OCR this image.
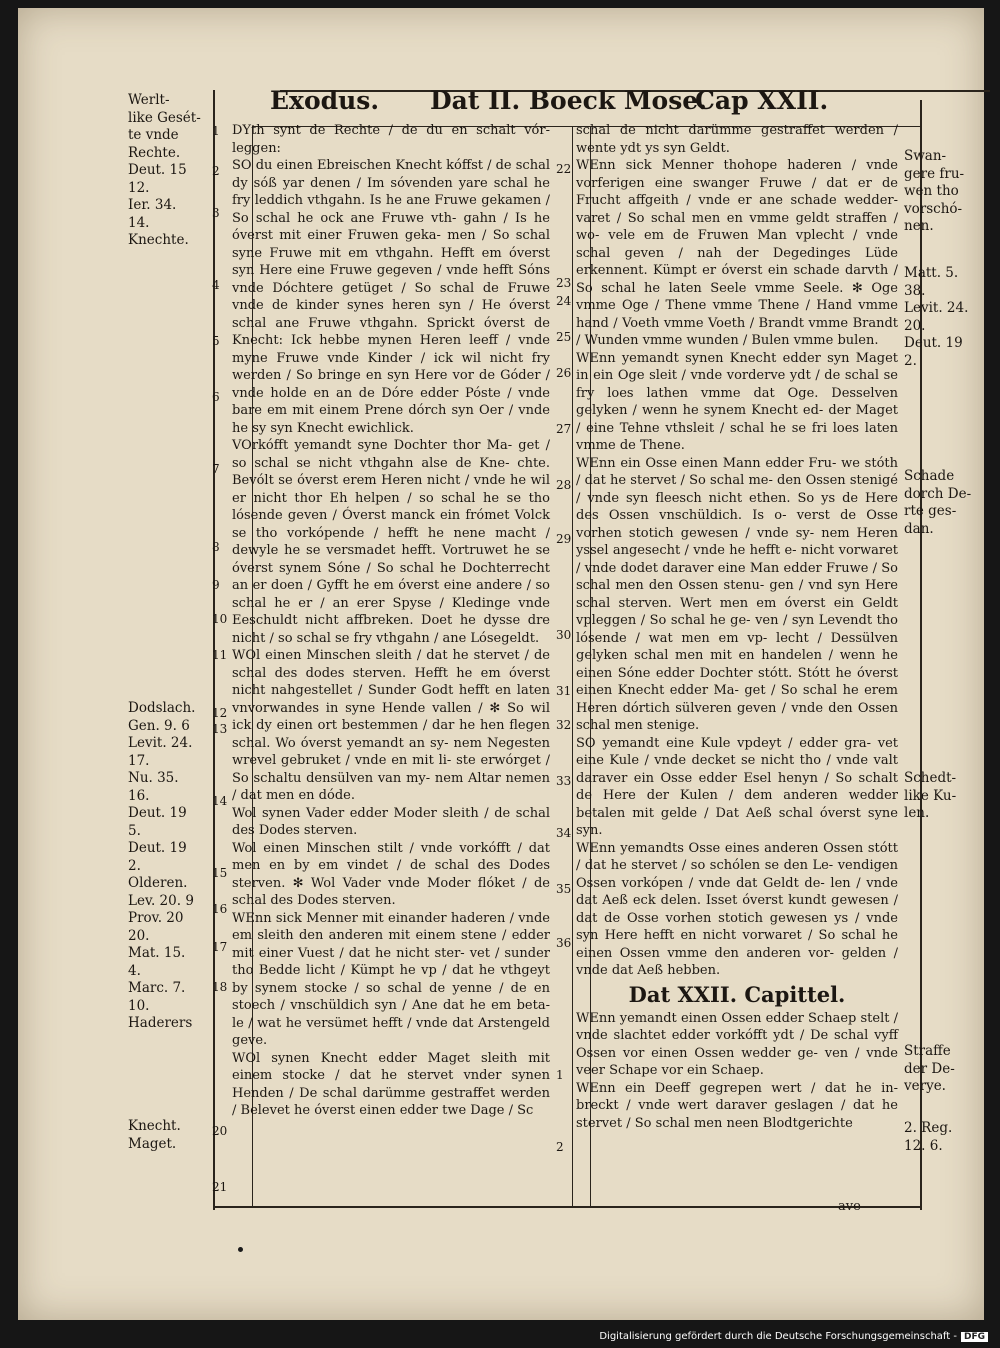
Exodus. Dat II. Boeck Mose.
Cap XXII.
Werlt-
like Gesét-
te vnde
Rechte.
Deut. 15
12.
Ier. 34.
14.
Knechte.
Dodslach.
Gen. 9. 6
Levit. 24.
17.
Nu. 35.
16.
Deut. 19
5.
Deut. 19
2.
Olderen.
Lev. 20. 9
Prov. 20
20.
Mat. 15.
4.
Marc. 7.
10.
Haderers
Knecht.
Maget.
Swan-
gere fru-
wen tho
vorschó-
nen.
Matt. 5.
38.
Levit. 24.
20.
Deut. 19
2.
Schade
dorch De-
rte ges-
dan.
Schedt-
like Ku-
len.
Straffe
der De-
verye.
2. Reg.
12. 6.
1
2
3
4
5
6
7
8
9
10
11
12
13
14
15
16
17
18
20
21
22
23
24
25
26
27
28
29
30
31
32
33
34
35
36
1
2

DYth synt de Rechte / de du en schalt vór- leggen:

SO du einen Ebreischen Knecht kóffst / de schal dy sóß yar denen / Im sóvenden yare schal he fry leddich vthgahn. Is he ane Fruwe gekamen / So schal he ock ane Fruwe vth- gahn / Is he óverst mit einer Fruwen geka- men / So schal syne Fruwe mit em vthgahn. Hefft em óverst syn Here eine Fruwe gegeven / vnde hefft Sóns vnde Dóchtere getüget / So schal de Fruwe vnde de kinder synes heren syn / He óverst schal ane Fruwe vthgahn. Sprickt óverst de Knecht: Ick hebbe mynen Heren leeff / vnde myne Fruwe vnde Kinder / ick wil nicht fry werden / So bringe en syn Here vor de Góder / vnde holde en an de Dóre edder Póste / vnde bare em mit einem Prene dórch syn Oer / vnde he sy syn Knecht ewichlick.

VOrkófft yemandt syne Dochter thor Ma- get / so schal se nicht vthgahn alse de Kne- chte. Bevólt se óverst erem Heren nicht / vnde he wil er nicht thor Eh helpen / so schal he se tho lósende geven / Óverst manck ein frómet Volck se tho vorkópende / hefft he nene macht / dewyle he se versmadet hefft. Vortruwet he se óverst synem Sóne / So schal he Dochterrecht an er doen / Gyfft he em óverst eine andere / so schal he er / an erer Spyse / Kledinge vnde Eeschuldt nicht affbreken. Doet he dysse dre nicht / so schal se fry vthgahn / ane Lósegeldt.

WOl einen Minschen sleith / dat he stervet / de schal des dodes sterven. Hefft he em óverst nicht nahgestellet / Sunder Godt hefft en laten vnvorwandes in syne Hende vallen / ✻ So wil ick dy einen ort bestemmen / dar he hen flegen schal. Wo óverst yemandt an sy- nem Negesten wrevel gebruket / vnde en mit li- ste erwórget / So schaltu densülven van my- nem Altar nemen / dat men en dóde.

Wol synen Vader edder Moder sleith / de schal des Dodes sterven.

Wol einen Minschen stilt / vnde vorkófft / dat men en by em vindet / de schal des Dodes sterven. ✻ Wol Vader vnde Moder flóket / de schal des Dodes sterven.

WEnn sick Menner mit einander haderen / vnde em sleith den anderen mit einem stene / edder mit einer Vuest / dat he nicht ster- vet / sunder tho Bedde licht / Kümpt he vp / dat he vthgeyt by synem stocke / so schal de yenne / de en stoech / vnschüldich syn / Ane dat he em beta- le / wat he versümet hefft / vnde dat Arstengeld geve.

WOl synen Knecht edder Maget sleith mit einem stocke / dat he stervet vnder synen Henden / De schal darümme gestraffet werden / Belevet he óverst einen edder twe Dage / Sc

schal de nicht darümme gestraffet werden / wente ydt ys syn Geldt.

WEnn sick Menner thohope haderen / vnde vorferigen eine swanger Fruwe / dat er de Frucht affgeith / vnde er ane schade wedder- varet / So schal men en vmme geldt straffen / wo- vele em de Fruwen Man vplecht / vnde schal geven / nah der Degedinges Lüde erkennent. Kümpt er óverst ein schade darvth / So schal he laten Seele vmme Seele. ✻ Oge vmme Oge / Thene vmme Thene / Hand vmme hand / Voeth vmme Voeth / Brandt vmme Brandt / Wunden vmme wunden / Bulen vmme bulen.

WEnn yemandt synen Knecht edder syn Maget in ein Oge sleit / vnde vorderve ydt / de schal se fry loes lathen vmme dat Oge. Desselven gelyken / wenn he synem Knecht ed- der Maget / eine Tehne vthsleit / schal he se fri loes laten vmme de Thene.

WEnn ein Osse einen Mann edder Fru- we stóth / dat he stervet / So schal me- den Ossen stenigé / vnde syn fleesch nicht ethen. So ys de Here des Ossen vnschüldich. Is o- verst de Osse vorhen stotich gewesen / vnde sy- nem Heren yssel angesecht / vnde he hefft e- nicht vorwaret / vnde dodet daraver eine Man edder Fruwe / So schal men den Ossen stenu- gen / vnd syn Here schal sterven. Wert men em óverst ein Geldt vpleggen / So schal he ge- ven / syn Levendt tho lósende / wat men em vp- lecht / Dessülven gelyken schal men mit en handelen / wenn he einen Sóne edder Dochter stótt. Stótt he óverst einen Knecht edder Ma- get / So schal he erem Heren dórtich sülveren geven / vnde den Ossen schal men stenige.

SO yemandt eine Kule vpdeyt / edder gra- vet eine Kule / vnde decket se nicht tho / vnde valt daraver ein Osse edder Esel henyn / So schalt de Here der Kulen / dem anderen wedder betalen mit gelde / Dat Aeß schal óverst syne syn.

WEnn yemandts Osse eines anderen Ossen stótt / dat he stervet / so schólen se den Le- vendigen Ossen vorkópen / vnde dat Geldt de- len / vnde dat Aeß eck delen. Isset óverst kundt gewesen / dat de Osse vorhen stotich gewesen ys / vnde syn Here hefft en nicht vorwaret / So schal he einen Ossen vmme den anderen vor- gelden / vnde dat Aeß hebben.

Dat XXII. Capittel.

WEnn yemandt einen Ossen edder Schaep stelt / vnde slachtet edder vorkófft ydt / De schal vyff Ossen vor einen Ossen wedder ge- ven / vnde veer Schape vor ein Schaep.

WEnn ein Deeff gegrepen wert / dat he in- breckt / vnde wert daraver geslagen / dat he stervet / So schal men neen Blodtgerichte

ave
Digitalisierung gefördert durch die Deutsche Forschungsgemeinschaft - DFG
